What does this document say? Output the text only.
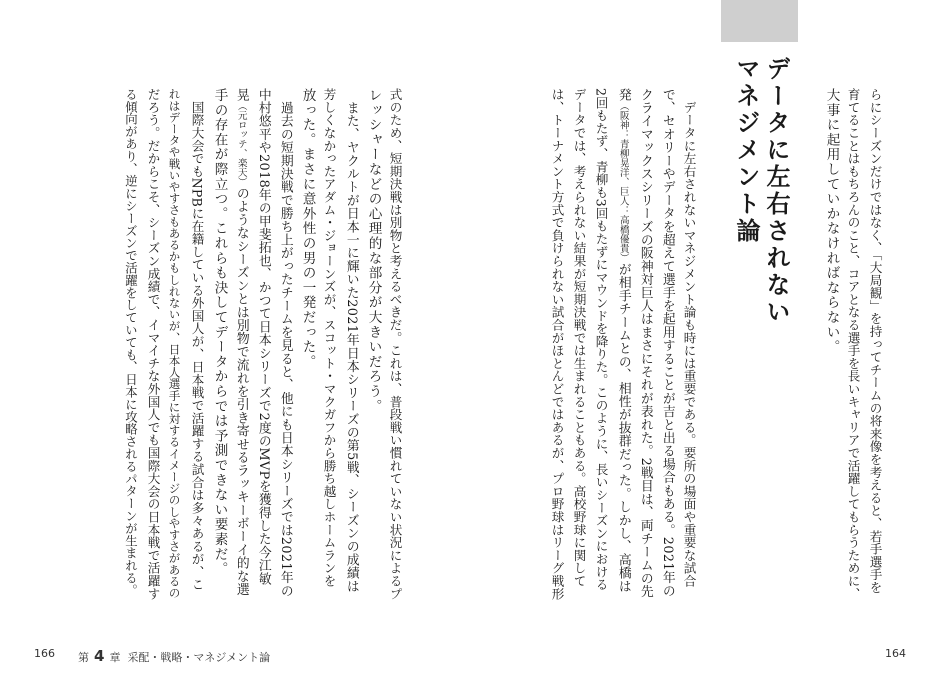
らにシーズンだけではなく、「大局観」を持ってチームの将来像を考えると、若手選手を
育てることはもちろんのこと、コアとなる選手を長いキャリアで活躍してもらうために、
大事に起用していかなければならない。
データに左右されない
マネジメント論
　データに左右されないマネジメント論も時には重要である。要所の場面や重要な試合
で、セオリーやデータを超えて選手を起用することが吉と出る場合もある。2021年の
クライマックスシリーズの阪神対巨人はまさにそれが表れた。2戦目は、両チームの先
発（阪神：青柳晃洋、巨人：高橋優貴）が相手チームとの、相性が抜群だった。しかし、高橋は
2回もたず、青柳も3回もたずにマウンドを降りた。このように、長いシーズンにおける
データでは、考えられない結果が短期決戦では生まれることもある。高校野球に関して
は、トーナメント方式で負けられない試合がほとんどではあるが、プロ野球はリーグ戦形
式のため、短期決戦は別物と考えるべきだ。これは、普段戦い慣れていない状況によるプ
レッシャーなどの心理的な部分が大きいだろう。
　また、ヤクルトが日本一に輝いた2021年日本シリーズの第5戦、シーズンの成績は
芳しくなかったアダム・ジョーンズが、スコット・マクガフから勝ち越しホームランを
放った。まさに意外性の男の一発だった。
　過去の短期決戦で勝ち上がったチームを見ると、他にも日本シリーズでは2021年の
中村悠平や2018年の甲斐拓也、かつて日本シリーズで2度のMVPを獲得した今江敏
晃（元ロッテ、楽天）のようなシーズンとは別物で流れを引き寄せるラッキーボーイ的な選
手の存在が際立つ。これらも決してデータからでは予測できない要素だ。
　国際大会でもNPBに在籍している外国人が、日本戦で活躍する試合は多々あるが、こ
れはデータや戦いやすさもあるかもしれないが、日本人選手に対するイメージのしやすさがあるの
だろう。だからこそ、シーズン成績で、イマイチな外国人でも国際大会の日本戦で活躍す
る傾向があり、逆にシーズンで活躍をしていても、日本に攻略されるパターンが生まれる。
166 第 4 章 采配・戦略・マネジメント論	164
